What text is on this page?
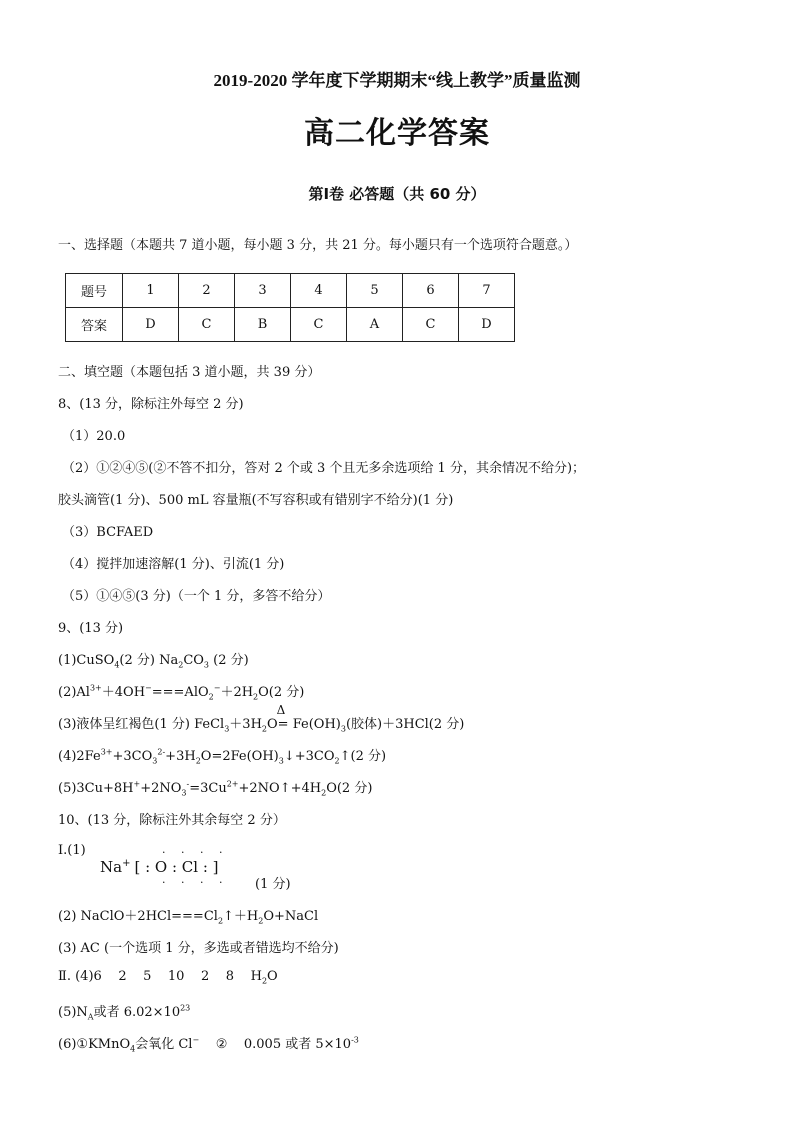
2019-2020 学年度下学期期末“线上教学”质量监测
高二化学答案
第Ⅰ卷 必答题（共 60 分）
一、选择题（本题共 7 道小题，每小题 3 分，共 21 分。每小题只有一个选项符合题意。）
题号	1	2	3	4	5	6	7
答案	D	C	B	C	A	C	D
二、填空题（本题包括 3 道小题，共 39 分）
8、(13 分，除标注外每空 2 分)
（1）20.0
（2）①②④⑤(②不答不扣分，答对 2 个或 3 个且无多余选项给 1 分，其余情况不给分)；
胶头滴管(1 分)、500 mL 容量瓶(不写容积或有错别字不给分)(1 分)
（3）BCFAED
（4）搅拌加速溶解(1 分)、引流(1 分)
（5）①④⑤(3 分)（一个 1 分，多答不给分）
9、(13 分)
(1)CuSO$_4$(2 分) $Na_2CO_3$ (2 分)
$(2)Al^{3+}+4OH^-===AlO_2^-+2H_2O(2$ 分)
(3)液体呈红褐色(1 分) $FeCl_3+3H_2O$
Δ
= $Fe(OH)_3$(胶体)＋3HCl(2 分)
$(4)2Fe^{3+}+3CO_3^{2-}+3H_2O=2Fe(OH)_3↓+3CO_2↑(2$ 分)
$(5)3Cu+8H^++2NO_3^-=3Cu^{2+}+2NO↑+4H_2O(2$ 分)
10、(13 分，除标注外其余每空 2 分）
Ⅰ.(1)	· · · ·
Na+ [ : O : Cl : ]
· · · · (1 分)
(2) $NaClO+2HCl===Cl_2↑+H_2O+NaCl$
(3) AC (一个选项 1 分，多选或者错选均不给分)
Ⅱ. (4)6    2    5    10    2    8    $H_2O$
$(5)N_A$或者 $6.02\times 10^{23}$
(6)①KMnO$_4$会氧化 Cl−    ②    0.005 或者 $5\times 10^{-3}$
